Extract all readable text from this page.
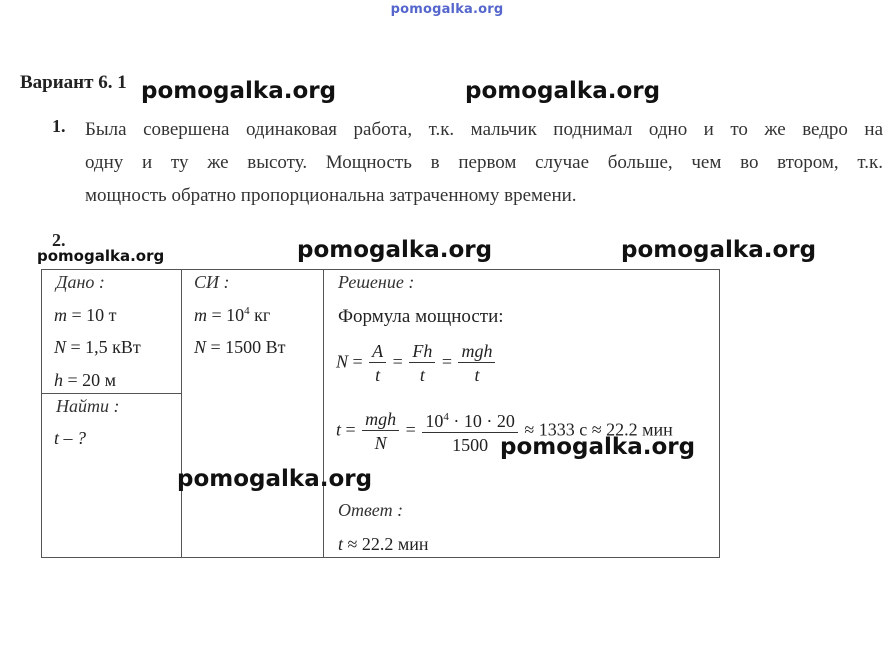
pomogalka.org
Вариант 6. 1
1. Была совершена одинаковая работа, т.к. мальчик поднимал одно и то же ведро на
одну и ту же высоту. Мощность в первом случае больше, чем во втором, т.к.
мощность обратно пропорциональна затраченному времени.
2.
Дано :
m = 10 т
N = 1,5 кВт
h = 20 м
Найти :
t – ?
СИ :
$m = 10^4$ кг
N = 1500 Вт
Решение :
Формула мощности:
$N = \frac{A}{t} = \frac{Fh}{t} = \frac{\text{mgh}}{t}$
$t = \frac{\text{mgh}}{N} = \frac{10^4 \cdot 10 \cdot 20}{1500} \approx 1333$ с ≈ 22.2 мин
Ответ :
t ≈ 22.2 мин
pomogalka.org	pomogalka.org
pomogalka.org	pomogalka.org	pomogalka.org
pomogalka.org
pomogalka.org
